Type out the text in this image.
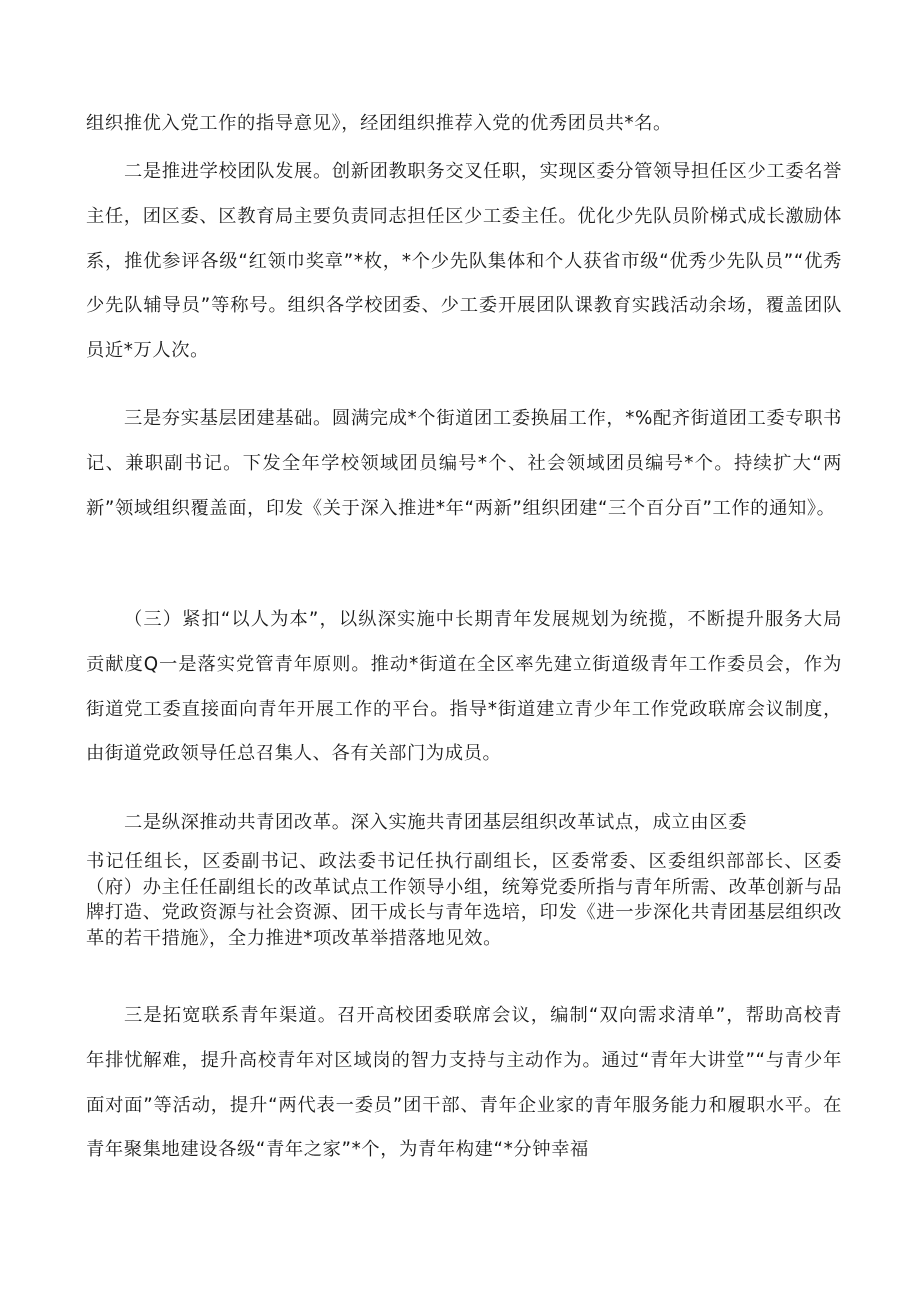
组织推优入党工作的指导意见》，经团组织推荐入党的优秀团员共*名。

二是推进学校团队发展。创新团教职务交叉任职，实现区委分管领导担任区少工委名誉主任，团区委、区教育局主要负责同志担任区少工委主任。优化少先队员阶梯式成长激励体系，推优参评各级“红领巾奖章”*枚，*个少先队集体和个人获省市级“优秀少先队员”“优秀少先队辅导员”等称号。组织各学校团委、少工委开展团队课教育实践活动余场，覆盖团队员近*万人次。

三是夯实基层团建基础。圆满完成*个街道团工委换届工作，*%配齐街道团工委专职书记、兼职副书记。下发全年学校领域团员编号*个、社会领域团员编号*个。持续扩大“两新”领域组织覆盖面，印发《关于深入推进*年“两新”组织团建“三个百分百”工作的通知》。

（三）紧扣“以人为本”，以纵深实施中长期青年发展规划为统揽，不断提升服务大局贡献度Q一是落实党管青年原则。推动*街道在全区率先建立街道级青年工作委员会，作为街道党工委直接面向青年开展工作的平台。指导*街道建立青少年工作党政联席会议制度，由街道党政领导任总召集人、各有关部门为成员。

二是纵深推动共青团改革。深入实施共青团基层组织改革试点，成立由区委

书记任组长，区委副书记、政法委书记任执行副组长，区委常委、区委组织部部长、区委（府）办主任任副组长的改革试点工作领导小组，统筹党委所指与青年所需、改革创新与品牌打造、党政资源与社会资源、团干成长与青年选培，印发《进一步深化共青团基层组织改革的若干措施》，全力推进*项改革举措落地见效。

三是拓宽联系青年渠道。召开高校团委联席会议，编制“双向需求清单”，帮助高校青年排忧解难，提升高校青年对区域岗的智力支持与主动作为。通过“青年大讲堂”“与青少年面对面”等活动，提升“两代表一委员”团干部、青年企业家的青年服务能力和履职水平。在青年聚集地建设各级“青年之家”*个，为青年构建“*分钟幸福
